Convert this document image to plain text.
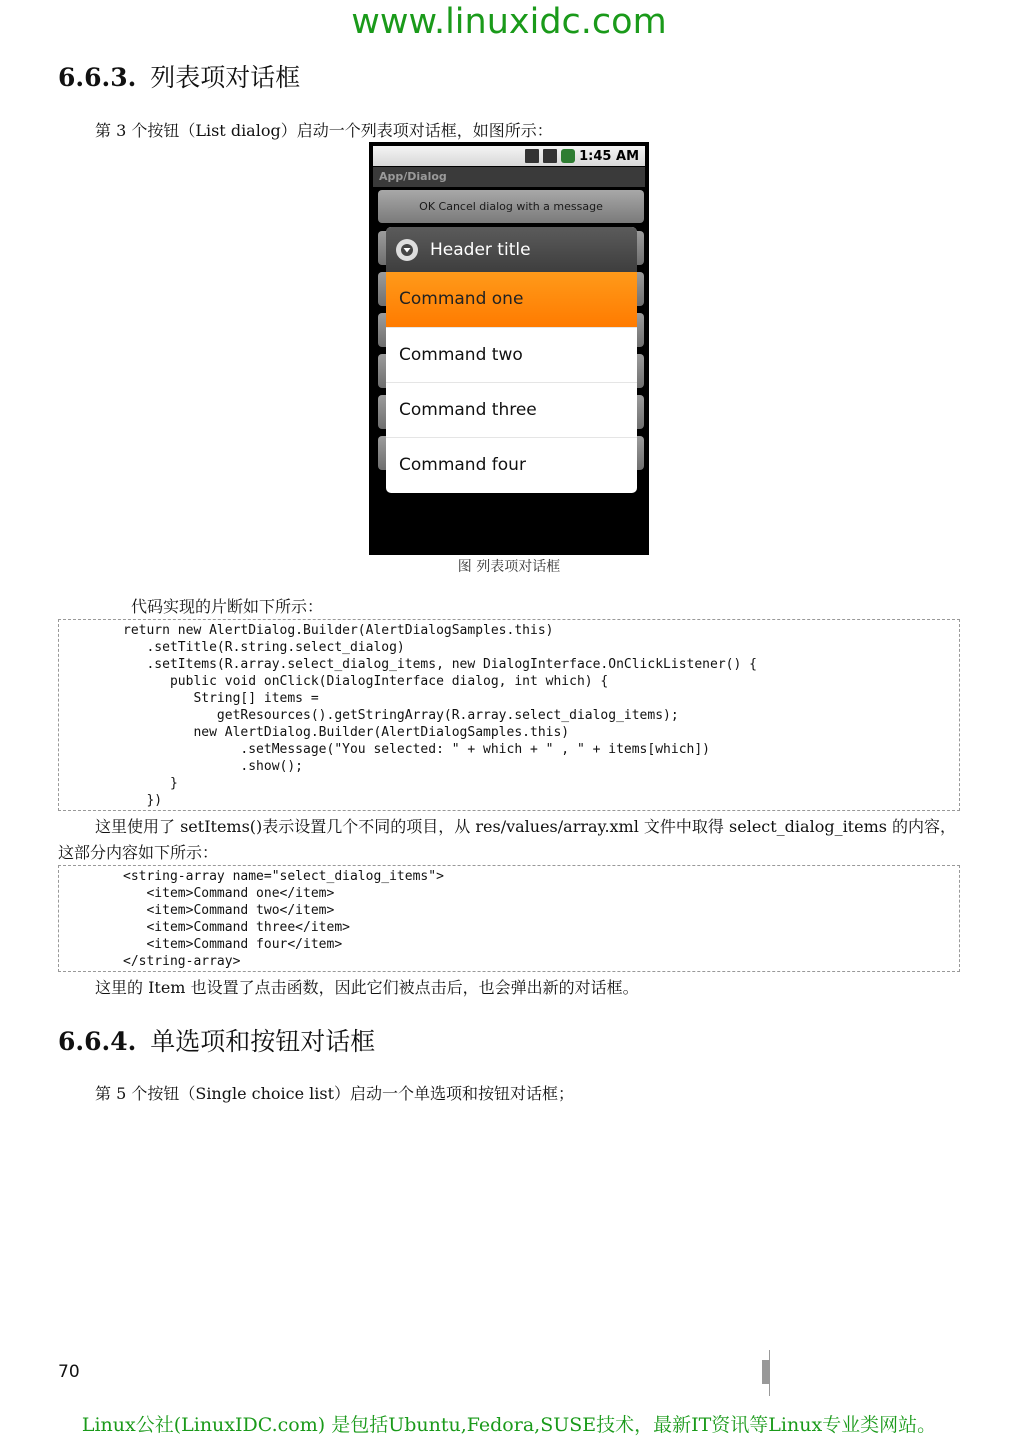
www.linuxidc.com
6.6.3. 列表项对话框
第 3 个按钮（List dialog）启动一个列表项对话框，如图所示：
1:45 AM
App/Dialog
OK Cancel dialog with a message
Header title
Command one
Command two
Command three
Command four
图 列表项对话框
代码实现的片断如下所示：
return new AlertDialog.Builder(AlertDialogSamples.this)
.setTitle(R.string.select_dialog)
.setItems(R.array.select_dialog_items, new DialogInterface.OnClickListener() {
public void onClick(DialogInterface dialog, int which) {
String[] items =
getResources().getStringArray(R.array.select_dialog_items);
new AlertDialog.Builder(AlertDialogSamples.this)
.setMessage("You selected: " + which + " , " + items[which])
.show();
}
})
这里使用了 setItems()表示设置几个不同的项目，从 res/values/array.xml 文件中取得 select_dialog_items 的内容，
这部分内容如下所示：
<string-array name="select_dialog_items">
<item>Command one</item>
<item>Command two</item>
<item>Command three</item>
<item>Command four</item>
</string-array>
这里的 Item 也设置了点击函数，因此它们被点击后，也会弹出新的对话框。
6.6.4. 单选项和按钮对话框
第 5 个按钮（Single choice list）启动一个单选项和按钮对话框；
70
Linux公社(LinuxIDC.com) 是包括Ubuntu,Fedora,SUSE技术，最新IT资讯等Linux专业类网站。
